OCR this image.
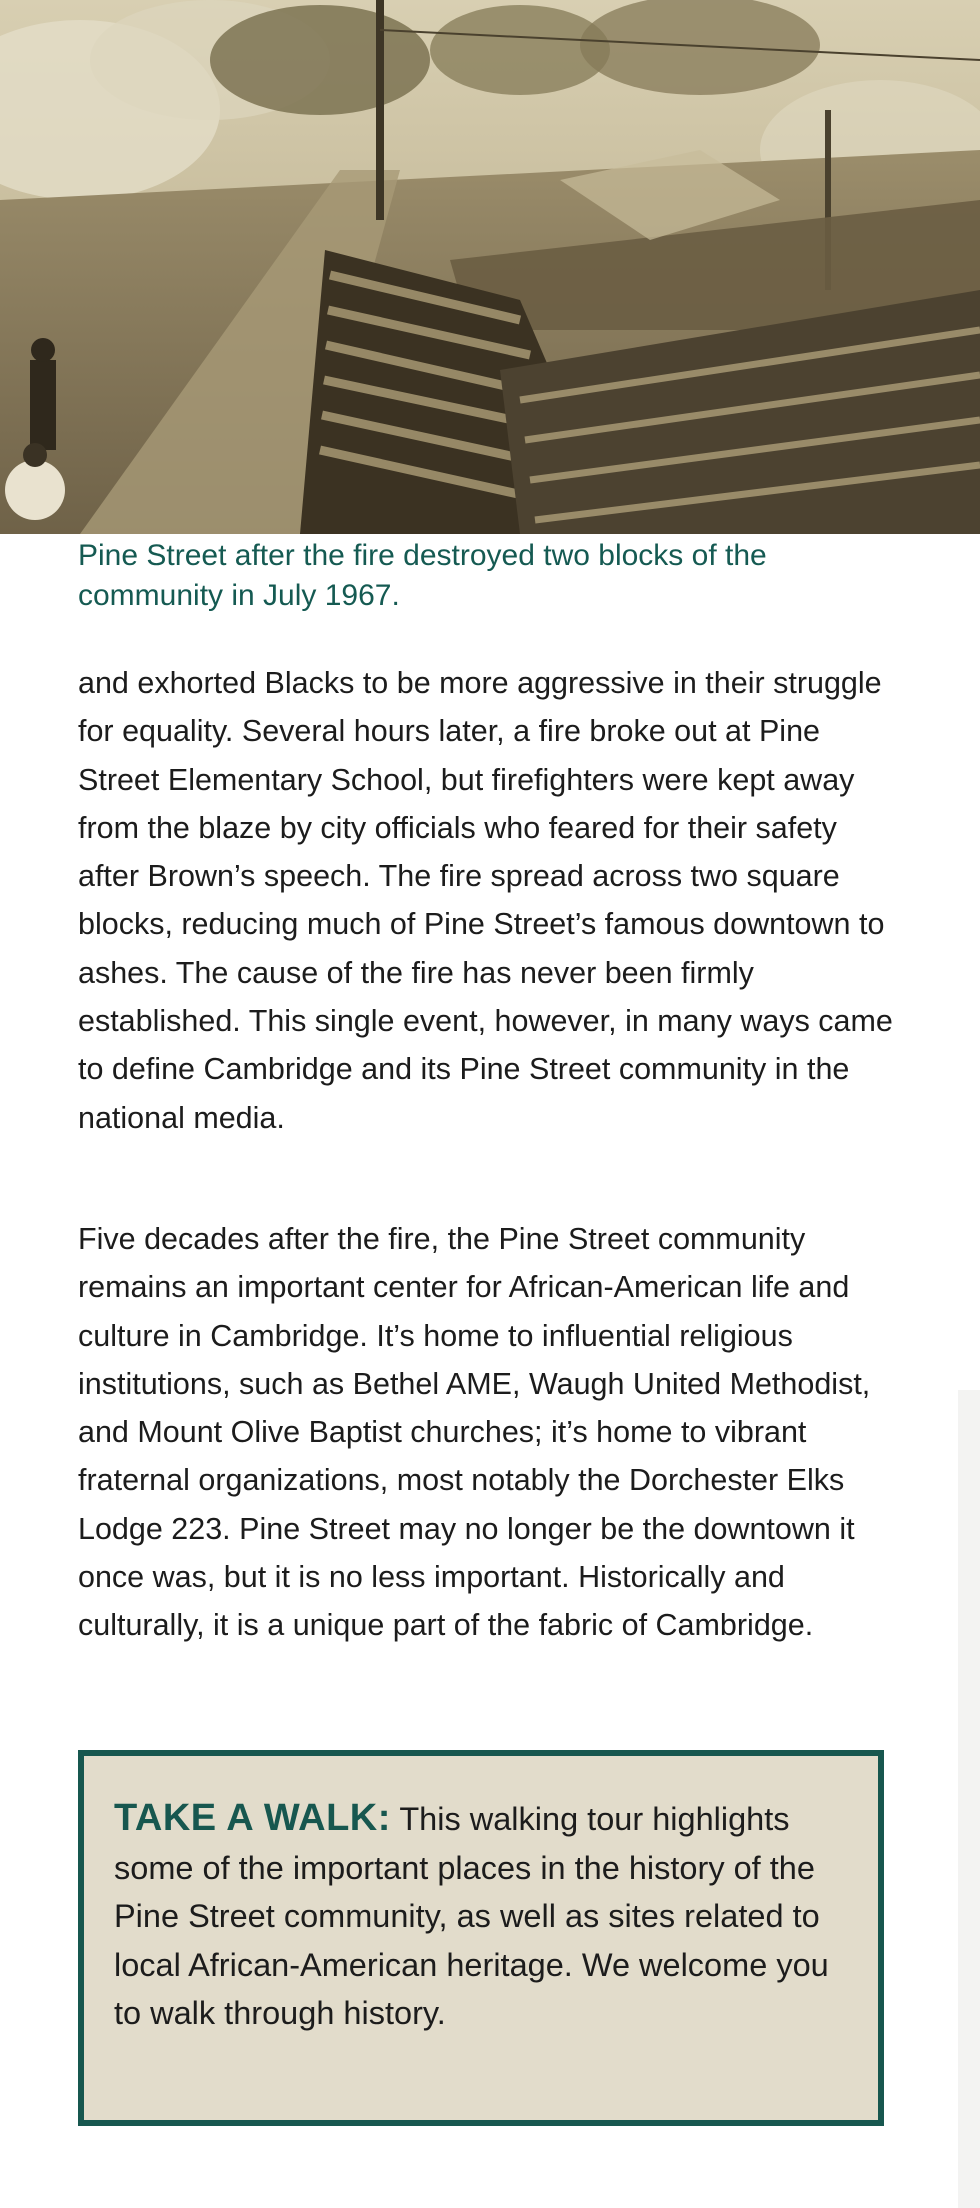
Pine Street after the fire destroyed two blocks of the community in July 1967.

and exhorted Blacks to be more aggressive in their struggle for equality. Several hours later, a fire broke out at Pine Street Elementary School, but firefighters were kept away from the blaze by city officials who feared for their safety after Brown’s speech. The fire spread across two square blocks, reducing much of Pine Street’s famous downtown to ashes. The cause of the fire has never been firmly established. This single event, however, in many ways came to define Cambridge and its Pine Street community in the national media.

Five decades after the fire, the Pine Street community remains an important center for African-American life and culture in Cambridge. It’s home to influential religious institutions, such as Bethel AME, Waugh United Methodist, and Mount Olive Baptist churches; it’s home to vibrant fraternal organizations, most notably the Dorchester Elks Lodge 223. Pine Street may no longer be the downtown it once was, but it is no less important. Historically and culturally, it is a unique part of the fabric of Cambridge.

TAKE A WALK: This walking tour highlights some of the important places in the history of the Pine Street community, as well as sites related to local African-American heritage. We welcome you to walk through history.
